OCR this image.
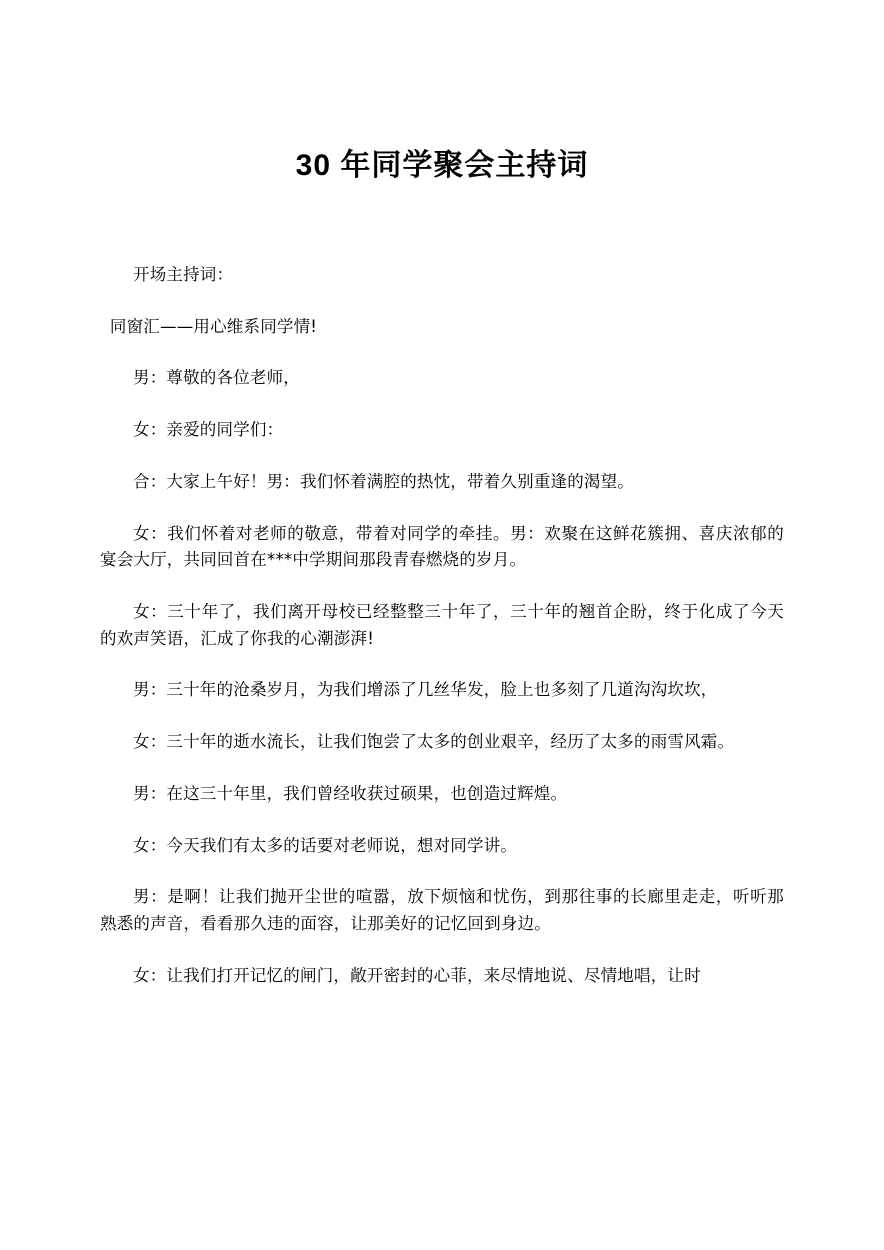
30 年同学聚会主持词

开场主持词：

同窗汇——用心维系同学情!

男：尊敬的各位老师，

女：亲爱的同学们：

合：大家上午好！男：我们怀着满腔的热忱，带着久别重逢的渴望。

女：我们怀着对老师的敬意，带着对同学的牵挂。男：欢聚在这鲜花簇拥、喜庆浓郁的宴会大厅，共同回首在***中学期间那段青春燃烧的岁月。

女：三十年了，我们离开母校已经整整三十年了，三十年的翘首企盼，终于化成了今天的欢声笑语，汇成了你我的心潮澎湃!

男：三十年的沧桑岁月，为我们增添了几丝华发，脸上也多刻了几道沟沟坎坎，

女：三十年的逝水流长，让我们饱尝了太多的创业艰辛，经历了太多的雨雪风霜。

男：在这三十年里，我们曾经收获过硕果，也创造过辉煌。

女：今天我们有太多的话要对老师说，想对同学讲。

男：是啊！让我们抛开尘世的喧嚣，放下烦恼和忧伤，到那往事的长廊里走走，听听那熟悉的声音，看看那久违的面容，让那美好的记忆回到身边。

女：让我们打开记忆的闸门，敞开密封的心菲，来尽情地说、尽情地唱，让时
